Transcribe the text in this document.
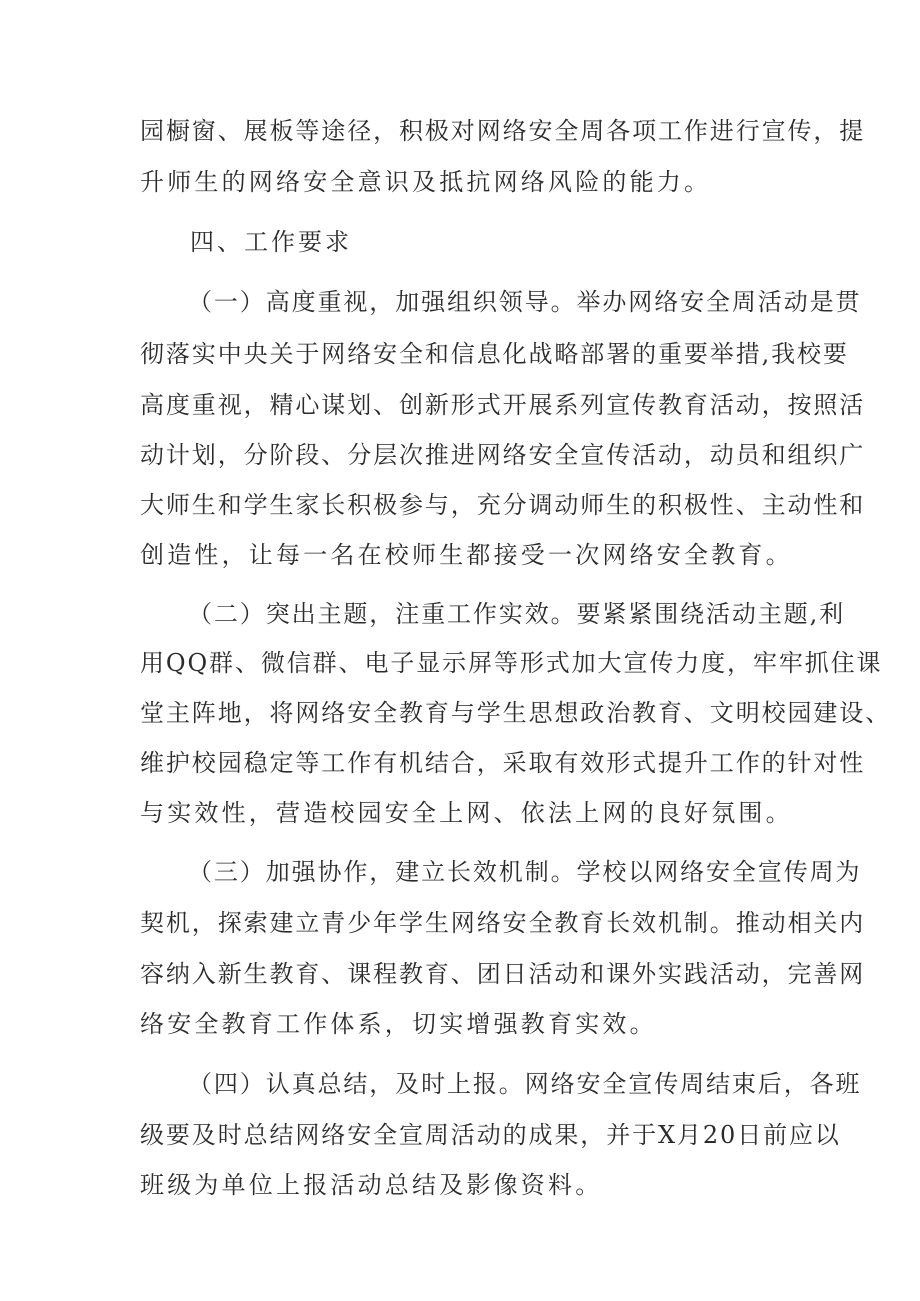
园橱窗、展板等途径，积极对网络安全周各项工作进行宣传，提
升师生的网络安全意识及抵抗网络风险的能力。
四、工作要求
（一）高度重视，加强组织领导。举办网络安全周活动是贯
彻落实中央关于网络安全和信息化战略部署的重要举措,我校要
高度重视，精心谋划、创新形式开展系列宣传教育活动，按照活
动计划，分阶段、分层次推进网络安全宣传活动，动员和组织广
大师生和学生家长积极参与，充分调动师生的积极性、主动性和
创造性，让每一名在校师生都接受一次网络安全教育。
（二）突出主题，注重工作实效。要紧紧围绕活动主题,利
用QQ群、微信群、电子显示屏等形式加大宣传力度，牢牢抓住课
堂主阵地，将网络安全教育与学生思想政治教育、文明校园建设、
维护校园稳定等工作有机结合，采取有效形式提升工作的针对性
与实效性，营造校园安全上网、依法上网的良好氛围。
（三）加强协作，建立长效机制。学校以网络安全宣传周为
契机，探索建立青少年学生网络安全教育长效机制。推动相关内
容纳入新生教育、课程教育、团日活动和课外实践活动，完善网
络安全教育工作体系，切实增强教育实效。
（四）认真总结，及时上报。网络安全宣传周结束后，各班
级要及时总结网络安全宣周活动的成果，并于X月20日前应以
班级为单位上报活动总结及影像资料。
